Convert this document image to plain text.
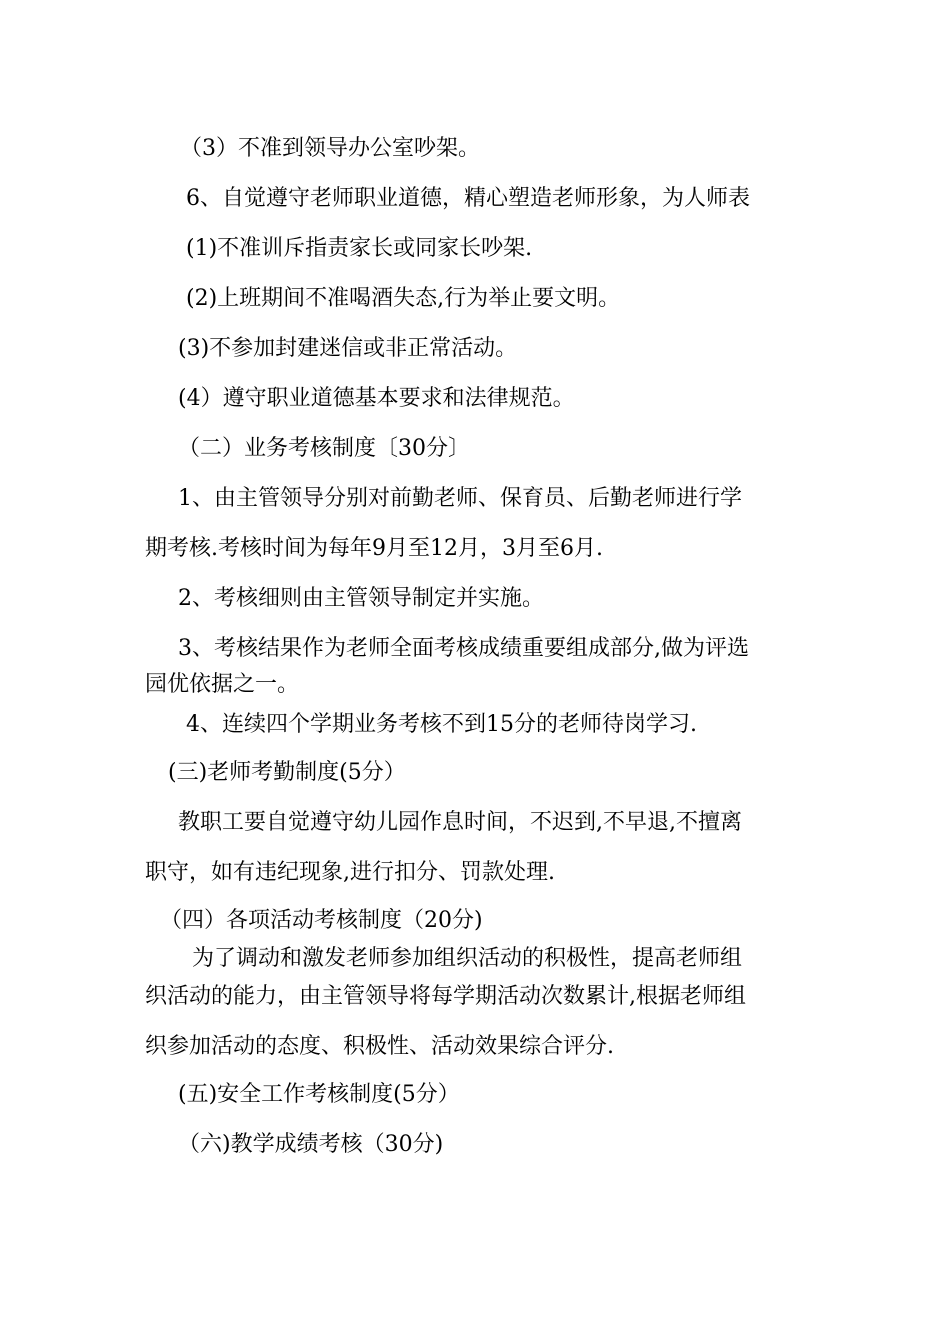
（3）不准到领导办公室吵架。
6、自觉遵守老师职业道德，精心塑造老师形象，为人师表
(1)不准训斥指责家长或同家长吵架.
(2)上班期间不准喝酒失态,行为举止要文明。
(3)不参加封建迷信或非正常活动。
(4）遵守职业道德基本要求和法律规范。
（二）业务考核制度〔30分〕
1、由主管领导分别对前勤老师、保育员、后勤老师进行学
期考核.考核时间为每年9月至12月，3月至6月.
2、考核细则由主管领导制定并实施。
3、考核结果作为老师全面考核成绩重要组成部分,做为评选
园优依据之一。
4、连续四个学期业务考核不到15分的老师待岗学习.
(三)老师考勤制度(5分）
教职工要自觉遵守幼儿园作息时间，不迟到,不早退,不擅离
职守，如有违纪现象,进行扣分、罚款处理.
（四）各项活动考核制度（20分)
为了调动和激发老师参加组织活动的积极性，提高老师组
织活动的能力，由主管领导将每学期活动次数累计,根据老师组
织参加活动的态度、积极性、活动效果综合评分.
(五)安全工作考核制度(5分）
（六)教学成绩考核（30分)
